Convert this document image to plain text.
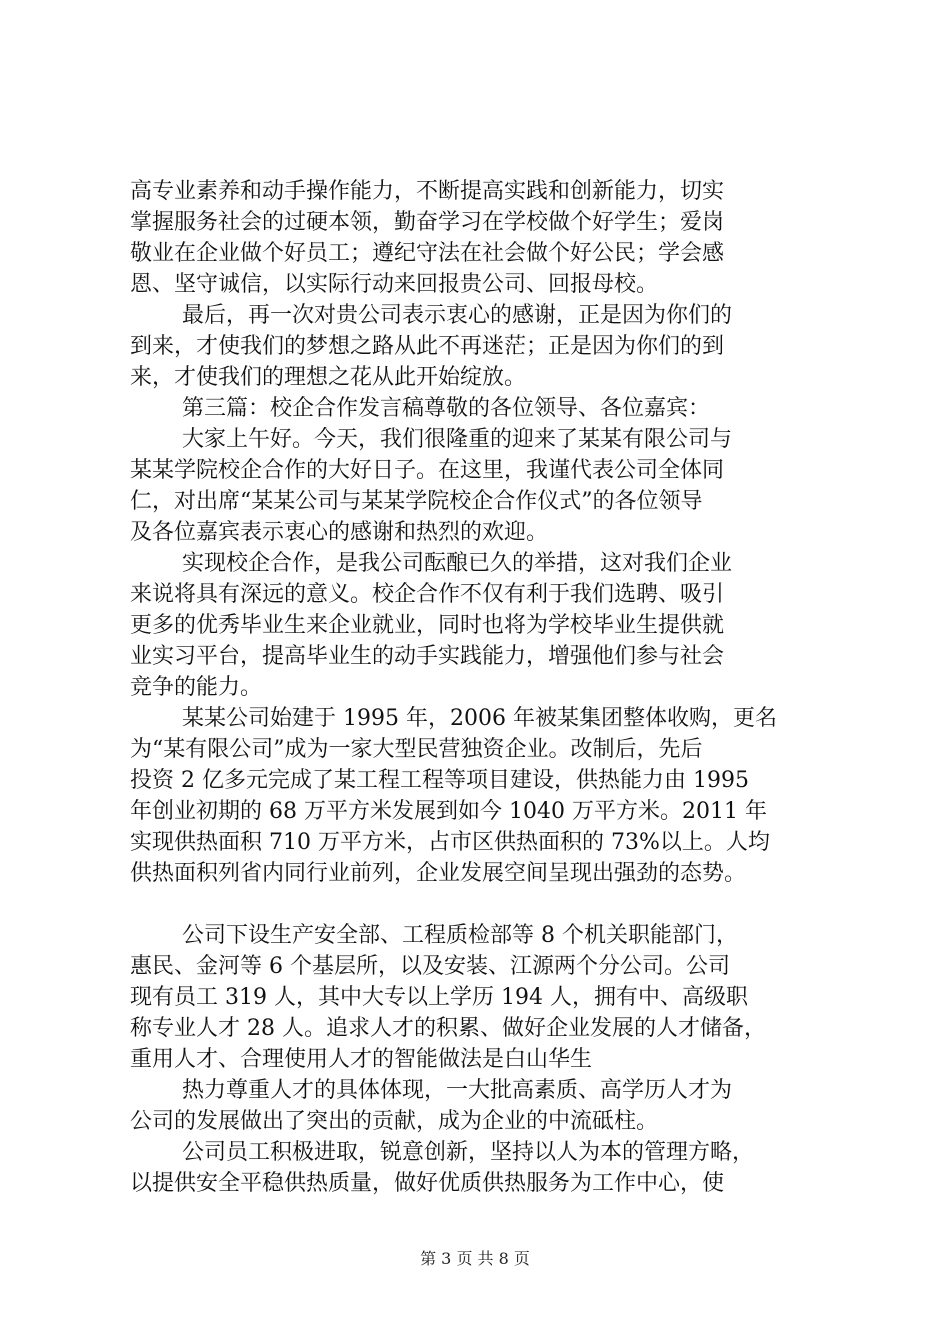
高专业素养和动手操作能力，不断提高实践和创新能力，切实
掌握服务社会的过硬本领，勤奋学习在学校做个好学生；爱岗
敬业在企业做个好员工；遵纪守法在社会做个好公民；学会感
恩、坚守诚信，以实际行动来回报贵公司、回报母校。
最后，再一次对贵公司表示衷心的感谢，正是因为你们的
到来，才使我们的梦想之路从此不再迷茫；正是因为你们的到
来，才使我们的理想之花从此开始绽放。
第三篇：校企合作发言稿尊敬的各位领导、各位嘉宾：
大家上午好。今天，我们很隆重的迎来了某某有限公司与
某某学院校企合作的大好日子。在这里，我谨代表公司全体同
仁，对出席“某某公司与某某学院校企合作仪式”的各位领导
及各位嘉宾表示衷心的感谢和热烈的欢迎。
实现校企合作，是我公司酝酿已久的举措，这对我们企业
来说将具有深远的意义。校企合作不仅有利于我们选聘、吸引
更多的优秀毕业生来企业就业，同时也将为学校毕业生提供就
业实习平台，提高毕业生的动手实践能力，增强他们参与社会
竞争的能力。
某某公司始建于 1995 年，2006 年被某集团整体收购，更名
为“某有限公司”成为一家大型民营独资企业。改制后，先后
投资 2 亿多元完成了某工程工程等项目建设，供热能力由 1995
年创业初期的 68 万平方米发展到如今 1040 万平方米。2011 年
实现供热面积 710 万平方米，占市区供热面积的 73%以上。人均
供热面积列省内同行业前列，企业发展空间呈现出强劲的态势。
公司下设生产安全部、工程质检部等 8 个机关职能部门，
惠民、金河等 6 个基层所，以及安装、江源两个分公司。公司
现有员工 319 人，其中大专以上学历 194 人，拥有中、高级职
称专业人才 28 人。追求人才的积累、做好企业发展的人才储备，
重用人才、合理使用人才的智能做法是白山华生
热力尊重人才的具体体现，一大批高素质、高学历人才为
公司的发展做出了突出的贡献，成为企业的中流砥柱。
公司员工积极进取，锐意创新，坚持以人为本的管理方略，
以提供安全平稳供热质量，做好优质供热服务为工作中心，使
第 3 页 共 8 页
